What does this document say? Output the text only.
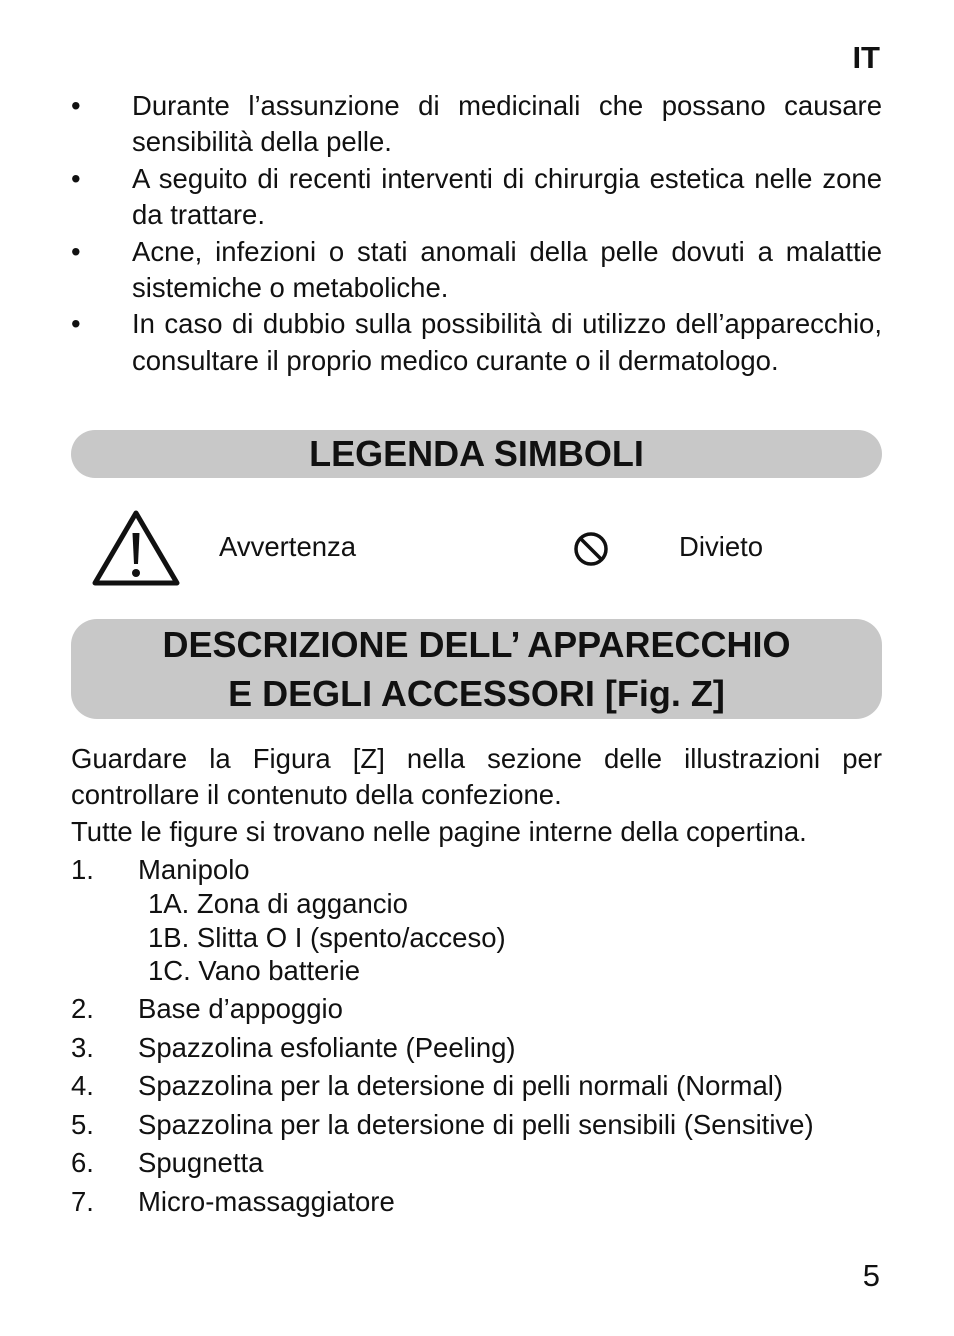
IT
• Durante l’assunzione di medicinali che possano causare sensibilità della pelle.
• A seguito di recenti interventi di chirurgia estetica nelle zone da trattare.
• Acne, infezioni o stati anomali della pelle dovuti a malattie sistemiche o metaboliche.
• In caso di dubbio sulla possibilità di utilizzo dell’apparecchio, consultare il proprio medico curante o il dermatologo.
LEGENDA SIMBOLI
Avvertenza	Divieto
DESCRIZIONE DELL’ APPARECCHIO
E DEGLI ACCESSORI [Fig. Z]

Guardare la Figura [Z] nella sezione delle illustrazioni per controllare il contenuto della confezione.

Tutte le figure si trovano nelle pagine interne della copertina.

1. Manipolo
1A. Zona di aggancio
1B. Slitta O I (spento/acceso)
1C. Vano batterie
2. Base d’appoggio
3. Spazzolina esfoliante (Peeling)
4. Spazzolina per la detersione di pelli normali (Normal)
5. Spazzolina per la detersione di pelli sensibili (Sensitive)
6. Spugnetta
7. Micro-massaggiatore
5
